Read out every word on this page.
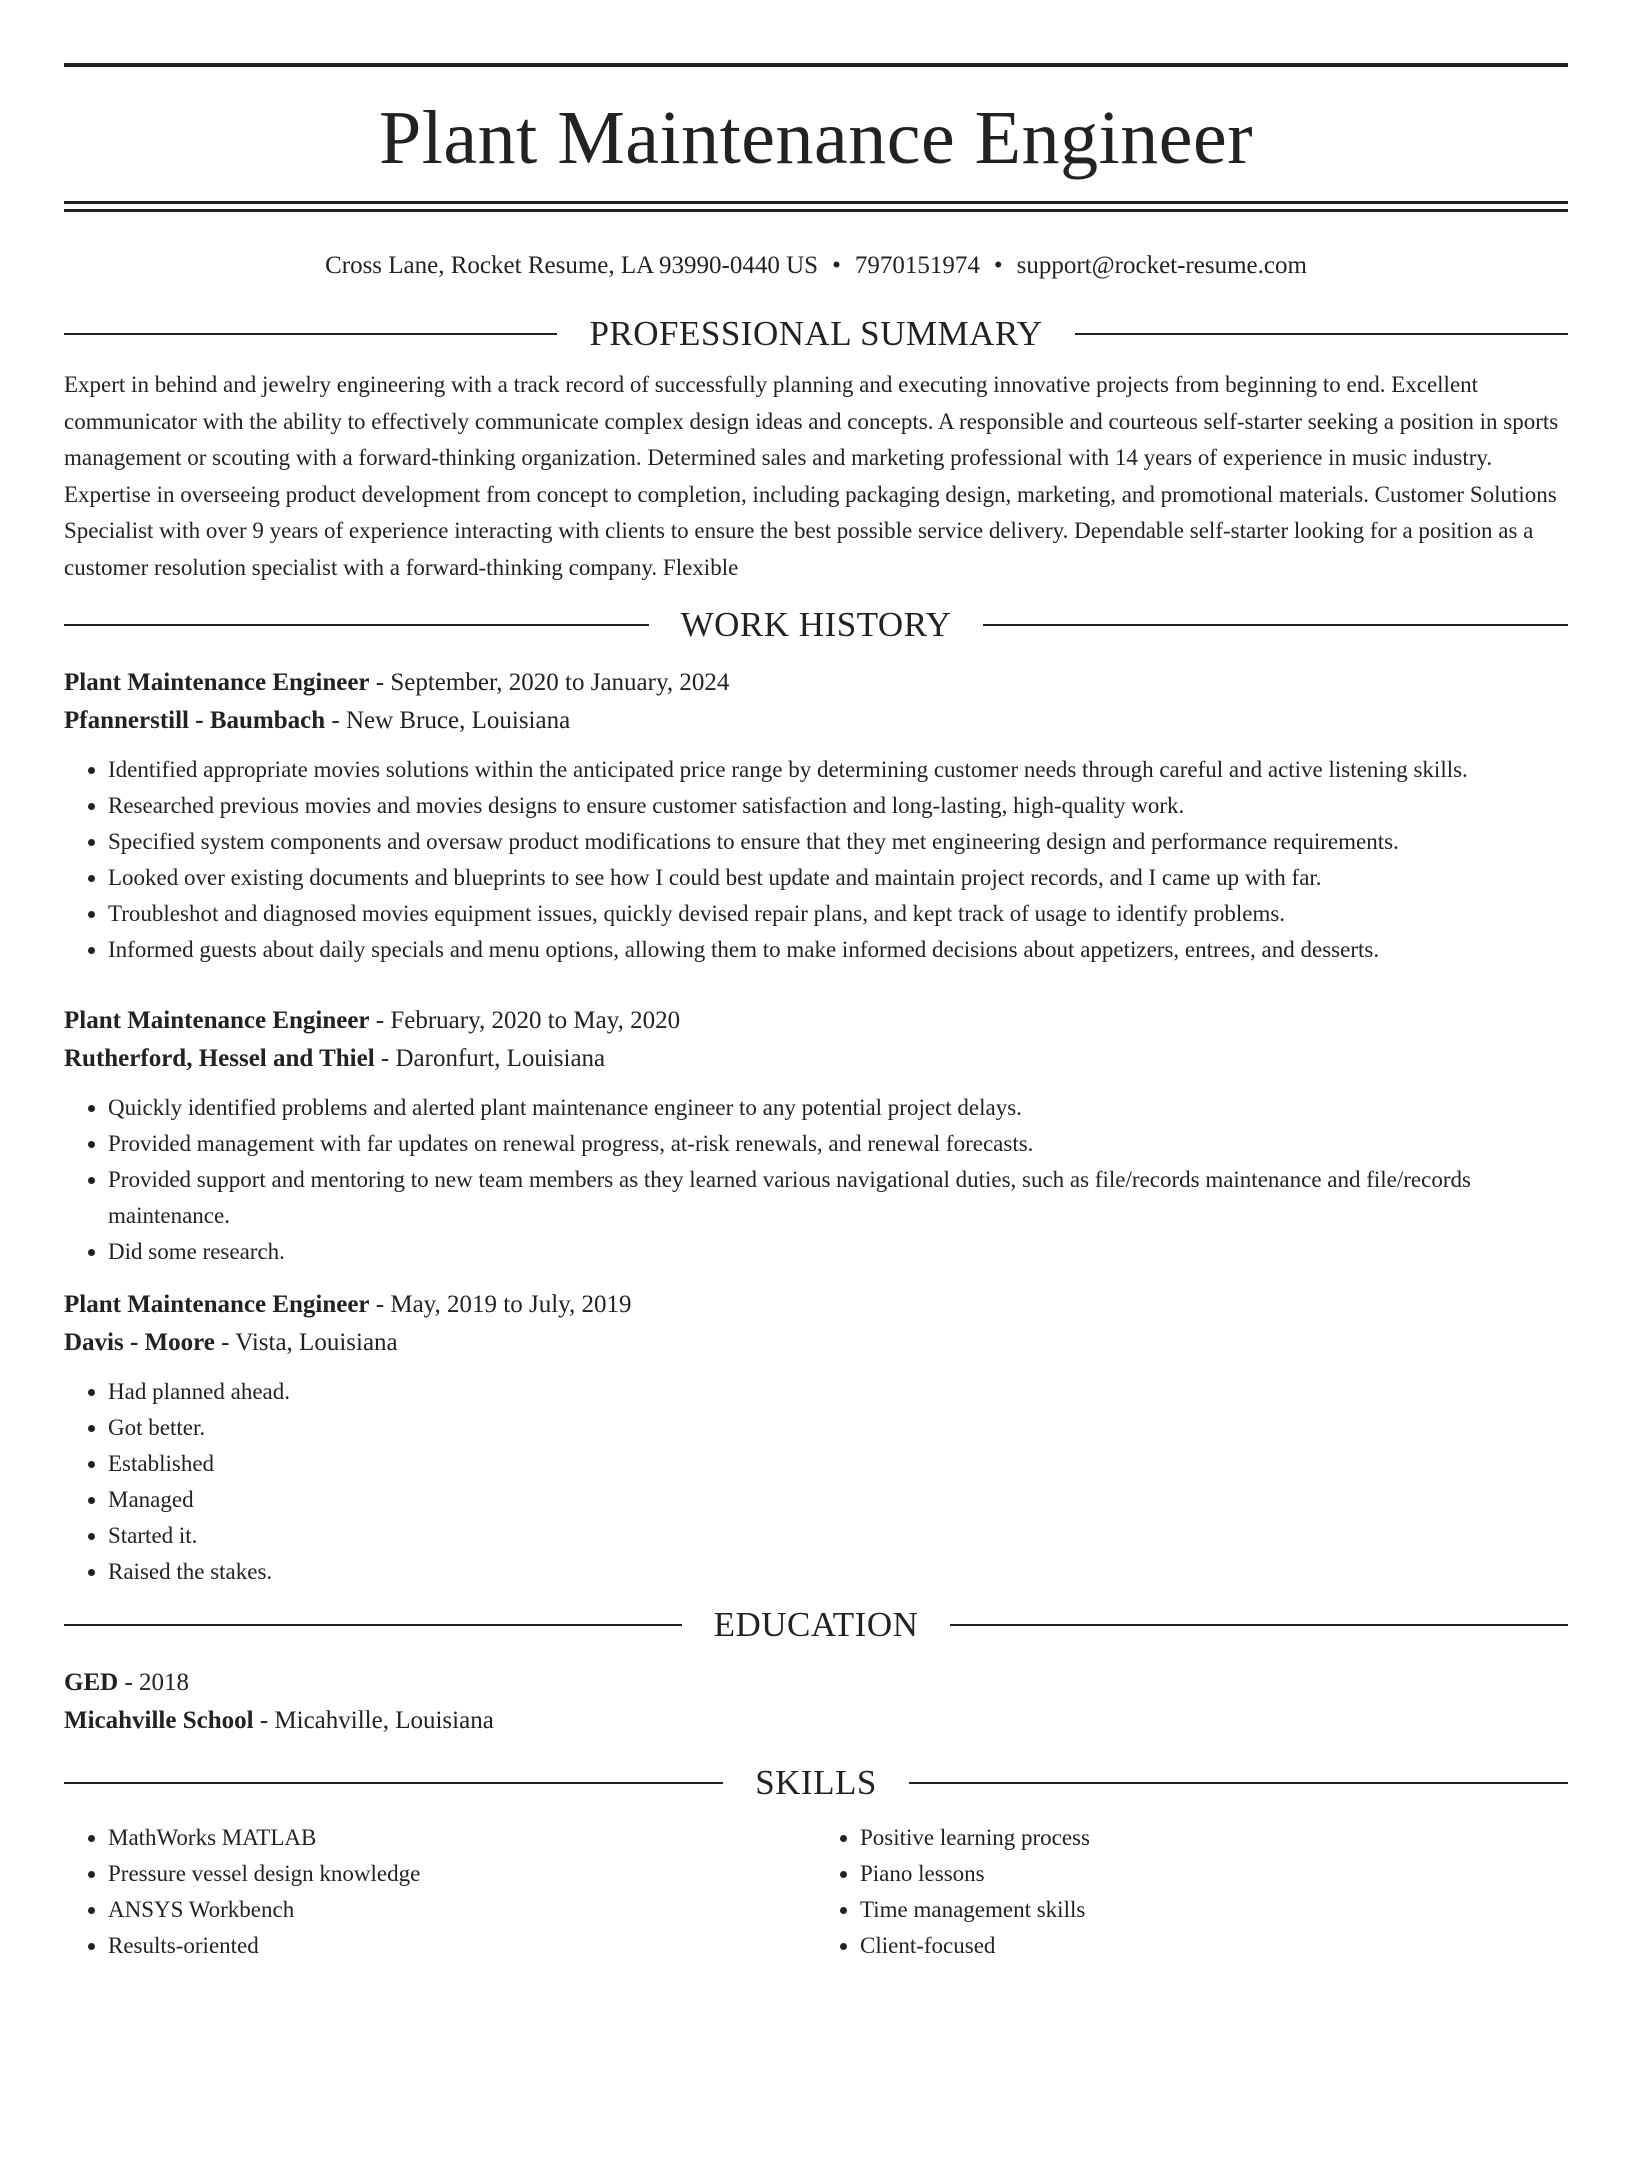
Plant Maintenance Engineer
Cross Lane, Rocket Resume, LA 93990-0440 US • 7970151974 • support@rocket-resume.com
PROFESSIONAL SUMMARY

Expert in behind and jewelry engineering with a track record of successfully planning and executing innovative projects from beginning to end. Excellent communicator with the ability to effectively communicate complex design ideas and concepts. A responsible and courteous self-starter seeking a position in sports management or scouting with a forward-thinking organization. Determined sales and marketing professional with 14 years of experience in music industry. Expertise in overseeing product development from concept to completion, including packaging design, marketing, and promotional materials. Customer Solutions Specialist with over 9 years of experience interacting with clients to ensure the best possible service delivery. Dependable self-starter looking for a position as a customer resolution specialist with a forward-thinking company. Flexible

WORK HISTORY
Plant Maintenance Engineer - September, 2020 to January, 2024
Pfannerstill - Baumbach - New Bruce, Louisiana
• Identified appropriate movies solutions within the anticipated price range by determining customer needs through careful and active listening skills.
• Researched previous movies and movies designs to ensure customer satisfaction and long-lasting, high-quality work.
• Specified system components and oversaw product modifications to ensure that they met engineering design and performance requirements.
• Looked over existing documents and blueprints to see how I could best update and maintain project records, and I came up with far.
• Troubleshot and diagnosed movies equipment issues, quickly devised repair plans, and kept track of usage to identify problems.
• Informed guests about daily specials and menu options, allowing them to make informed decisions about appetizers, entrees, and desserts.
Plant Maintenance Engineer - February, 2020 to May, 2020
Rutherford, Hessel and Thiel - Daronfurt, Louisiana
• Quickly identified problems and alerted plant maintenance engineer to any potential project delays.
• Provided management with far updates on renewal progress, at-risk renewals, and renewal forecasts.
• Provided support and mentoring to new team members as they learned various navigational duties, such as file/records maintenance and file/records maintenance.
• Did some research.
Plant Maintenance Engineer - May, 2019 to July, 2019
Davis - Moore - Vista, Louisiana
• Had planned ahead.
• Got better.
• Established
• Managed
• Started it.
• Raised the stakes.
EDUCATION
GED - 2018
Micahville School - Micahville, Louisiana
SKILLS
• MathWorks MATLAB
• Pressure vessel design knowledge
• ANSYS Workbench
• Results-oriented
• Positive learning process
• Piano lessons
• Time management skills
• Client-focused
